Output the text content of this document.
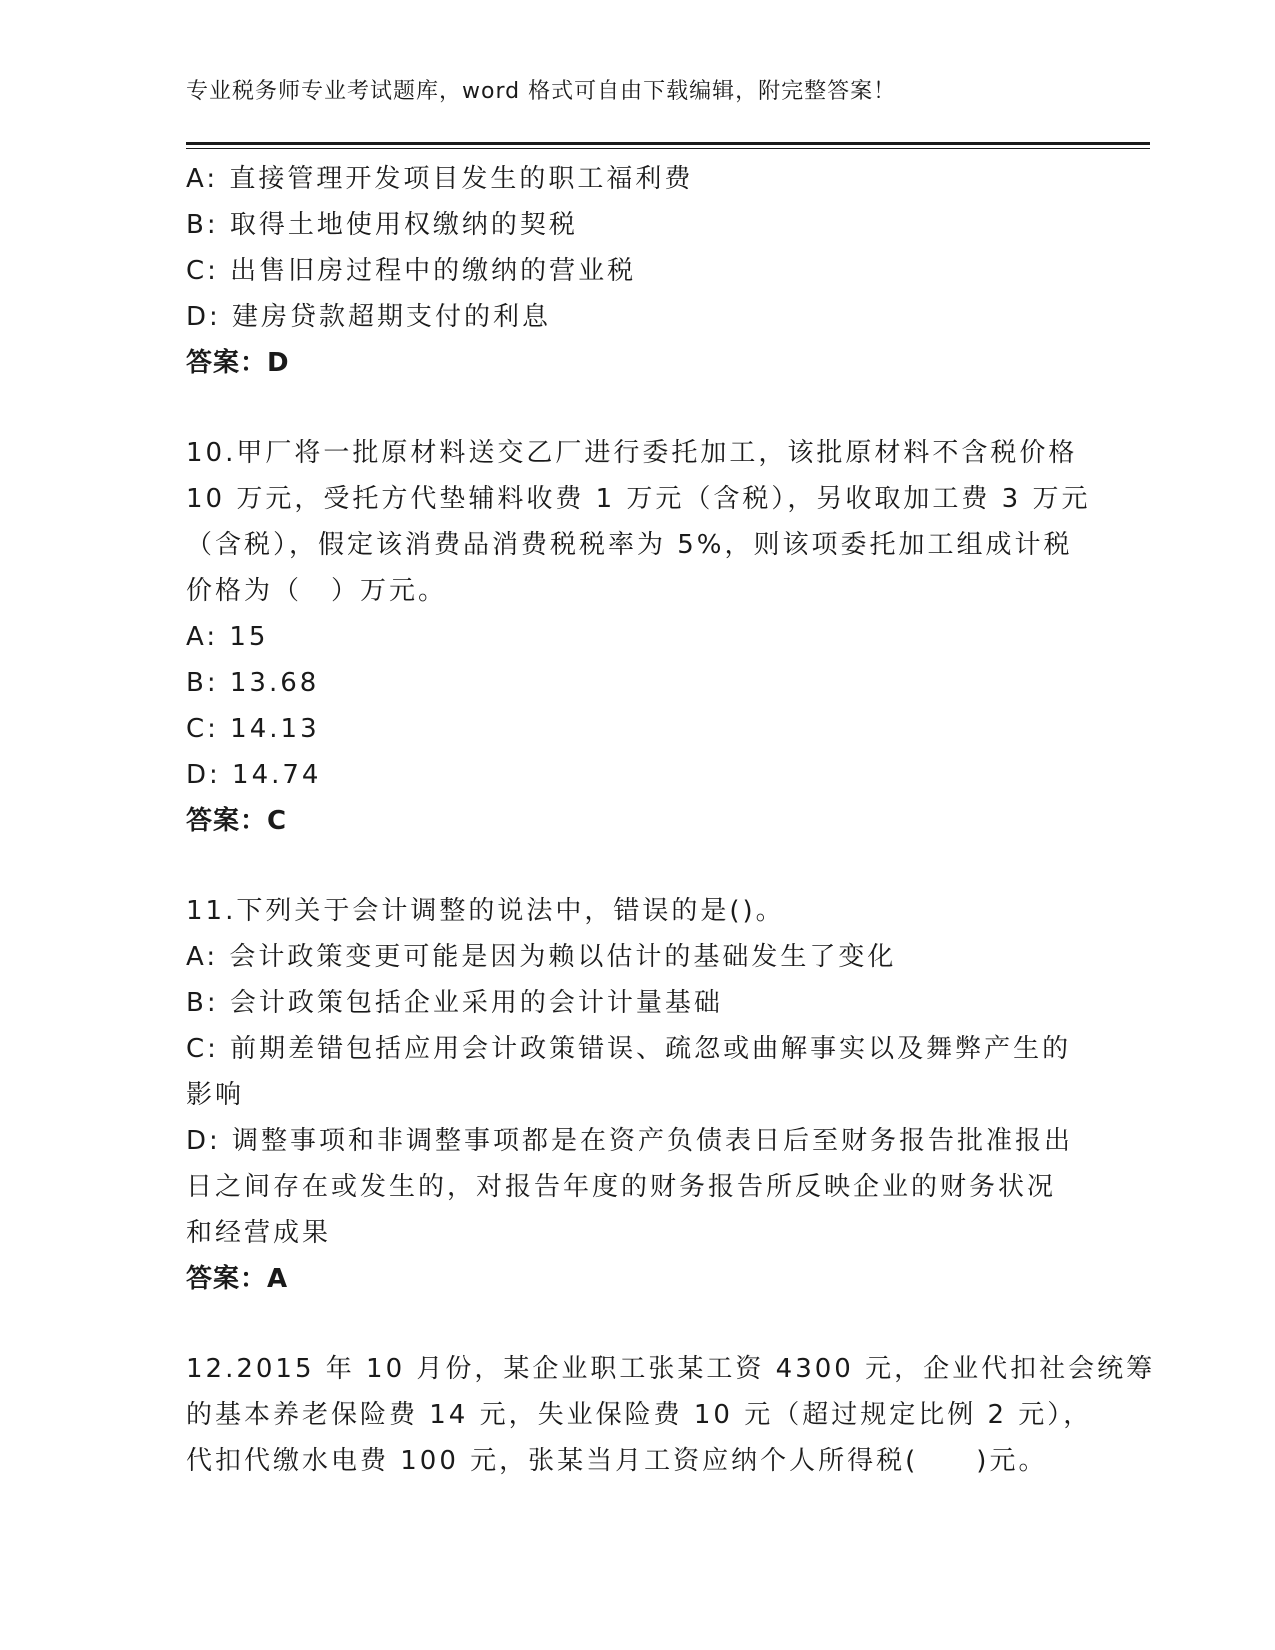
专业税务师专业考试题库，word 格式可自由下载编辑，附完整答案！
A: 直接管理开发项目发生的职工福利费
B: 取得土地使用权缴纳的契税
C: 出售旧房过程中的缴纳的营业税
D: 建房贷款超期支付的利息
答案：D
10.甲厂将一批原材料送交乙厂进行委托加工，该批原材料不含税价格
10 万元，受托方代垫辅料收费 1 万元（含税），另收取加工费 3 万元
（含税），假定该消费品消费税税率为 5%，则该项委托加工组成计税
价格为（　）万元。
A: 15
B: 13.68
C: 14.13
D: 14.74
答案：C
11.下列关于会计调整的说法中，错误的是()。
A: 会计政策变更可能是因为赖以估计的基础发生了变化
B: 会计政策包括企业采用的会计计量基础
C: 前期差错包括应用会计政策错误、疏忽或曲解事实以及舞弊产生的
影响
D: 调整事项和非调整事项都是在资产负债表日后至财务报告批准报出
日之间存在或发生的，对报告年度的财务报告所反映企业的财务状况
和经营成果
答案：A
12.2015 年 10 月份，某企业职工张某工资 4300 元，企业代扣社会统筹
的基本养老保险费 14 元，失业保险费 10 元（超过规定比例 2 元），
代扣代缴水电费 100 元，张某当月工资应纳个人所得税(　　)元。
